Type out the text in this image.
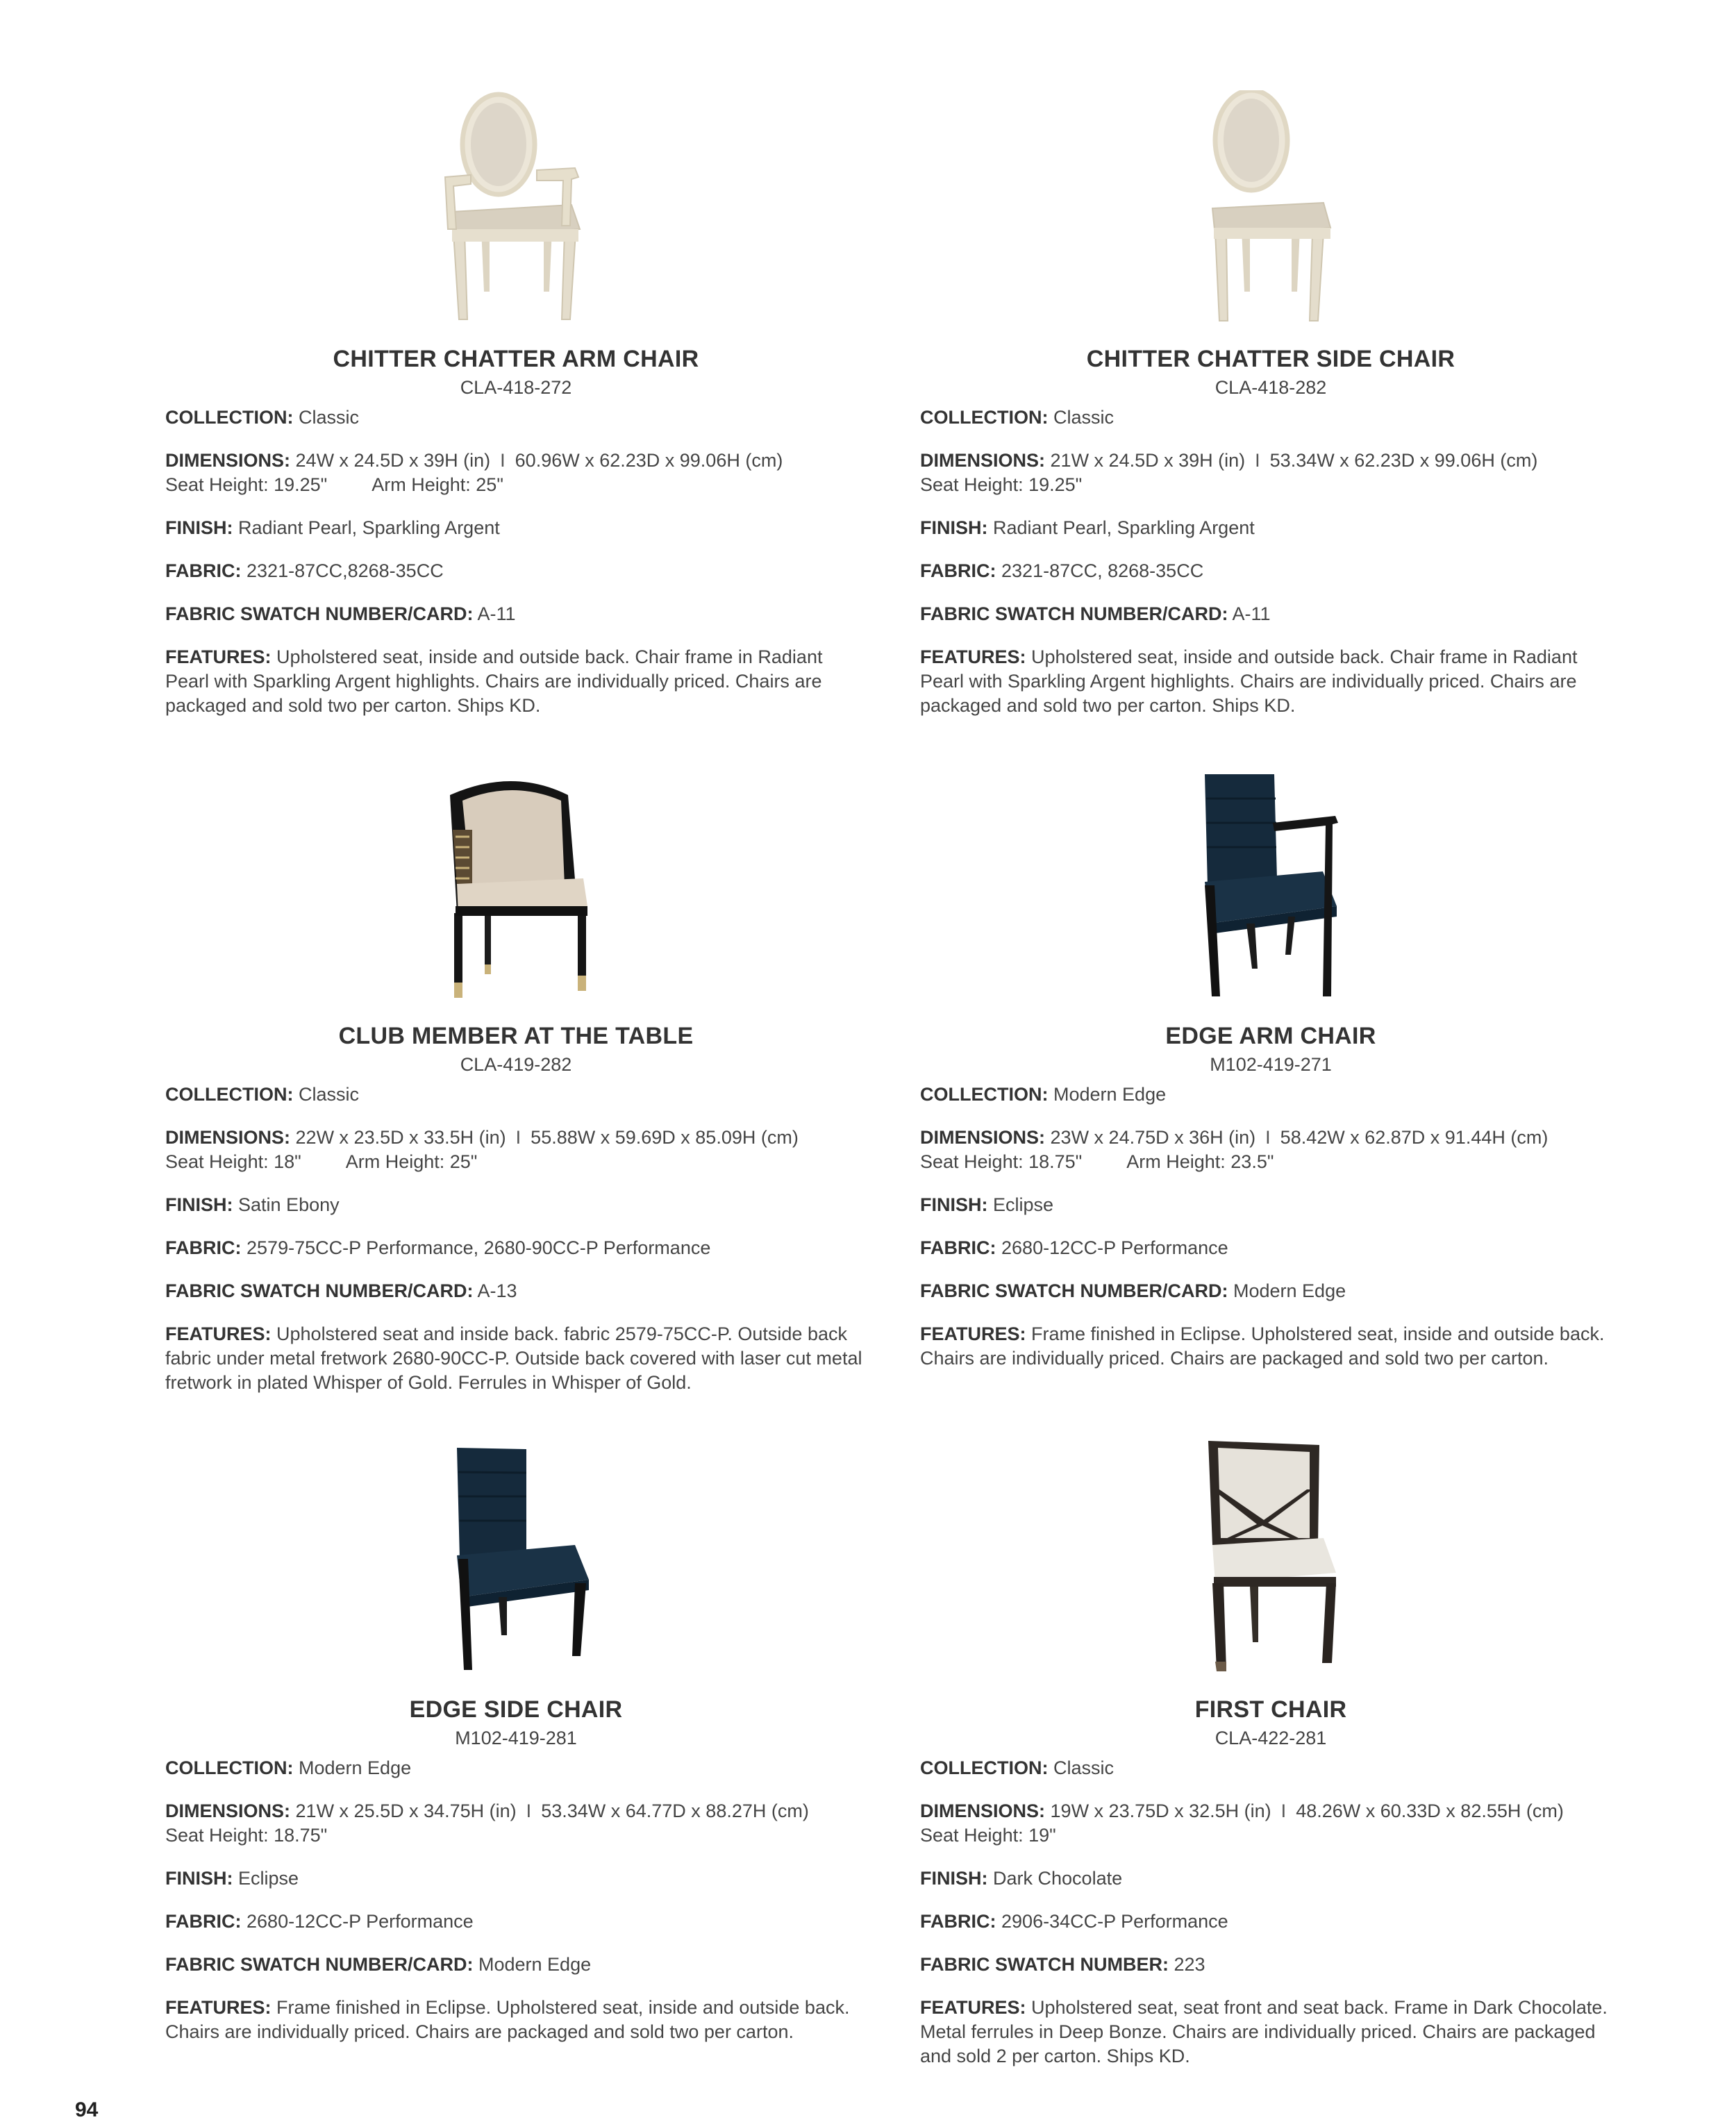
CHITTER CHATTER ARM CHAIR
CLA-418-272
COLLECTION: Classic
DIMENSIONS: 24W x 24.5D x 39H (in) I 60.96W x 62.23D x 99.06H (cm)
Seat Height: 19.25" Arm Height: 25"
FINISH: Radiant Pearl, Sparkling Argent
FABRIC: 2321-87CC,8268-35CC
FABRIC SWATCH NUMBER/CARD: A-11
FEATURES: Upholstered seat, inside and outside back. Chair frame in Radiant Pearl with Sparkling Argent highlights. Chairs are individually priced. Chairs are packaged and sold two per carton. Ships KD.
CHITTER CHATTER SIDE CHAIR
CLA-418-282
COLLECTION: Classic
DIMENSIONS: 21W x 24.5D x 39H (in) I 53.34W x 62.23D x 99.06H (cm)
Seat Height: 19.25"
FINISH: Radiant Pearl, Sparkling Argent
FABRIC: 2321-87CC, 8268-35CC
FABRIC SWATCH NUMBER/CARD: A-11
FEATURES: Upholstered seat, inside and outside back. Chair frame in Radiant Pearl with Sparkling Argent highlights. Chairs are individually priced. Chairs are packaged and sold two per carton. Ships KD.
CLUB MEMBER AT THE TABLE
CLA-419-282
COLLECTION: Classic
DIMENSIONS: 22W x 23.5D x 33.5H (in) I 55.88W x 59.69D x 85.09H (cm)
Seat Height: 18" Arm Height: 25"
FINISH: Satin Ebony
FABRIC: 2579-75CC-P Performance, 2680-90CC-P Performance
FABRIC SWATCH NUMBER/CARD: A-13
FEATURES: Upholstered seat and inside back. fabric 2579-75CC-P. Outside back fabric under metal fretwork 2680-90CC-P. Outside back covered with laser cut metal fretwork in plated Whisper of Gold. Ferrules in Whisper of Gold.
EDGE ARM CHAIR
M102-419-271
COLLECTION: Modern Edge
DIMENSIONS: 23W x 24.75D x 36H (in) I 58.42W x 62.87D x 91.44H (cm)
Seat Height: 18.75" Arm Height: 23.5"
FINISH: Eclipse
FABRIC: 2680-12CC-P Performance
FABRIC SWATCH NUMBER/CARD: Modern Edge
FEATURES: Frame finished in Eclipse. Upholstered seat, inside and outside back. Chairs are individually priced. Chairs are packaged and sold two per carton.
EDGE SIDE CHAIR
M102-419-281
COLLECTION: Modern Edge
DIMENSIONS: 21W x 25.5D x 34.75H (in) I 53.34W x 64.77D x 88.27H (cm)
Seat Height: 18.75"
FINISH: Eclipse
FABRIC: 2680-12CC-P Performance
FABRIC SWATCH NUMBER/CARD: Modern Edge
FEATURES: Frame finished in Eclipse. Upholstered seat, inside and outside back. Chairs are individually priced. Chairs are packaged and sold two per carton.
FIRST CHAIR
CLA-422-281
COLLECTION: Classic
DIMENSIONS: 19W x 23.75D x 32.5H (in) I 48.26W x 60.33D x 82.55H (cm)
Seat Height: 19"
FINISH: Dark Chocolate
FABRIC: 2906-34CC-P Performance
FABRIC SWATCH NUMBER: 223
FEATURES: Upholstered seat, seat front and seat back. Frame in Dark Chocolate. Metal ferrules in Deep Bonze. Chairs are individually priced. Chairs are packaged and sold 2 per carton. Ships KD.
94
